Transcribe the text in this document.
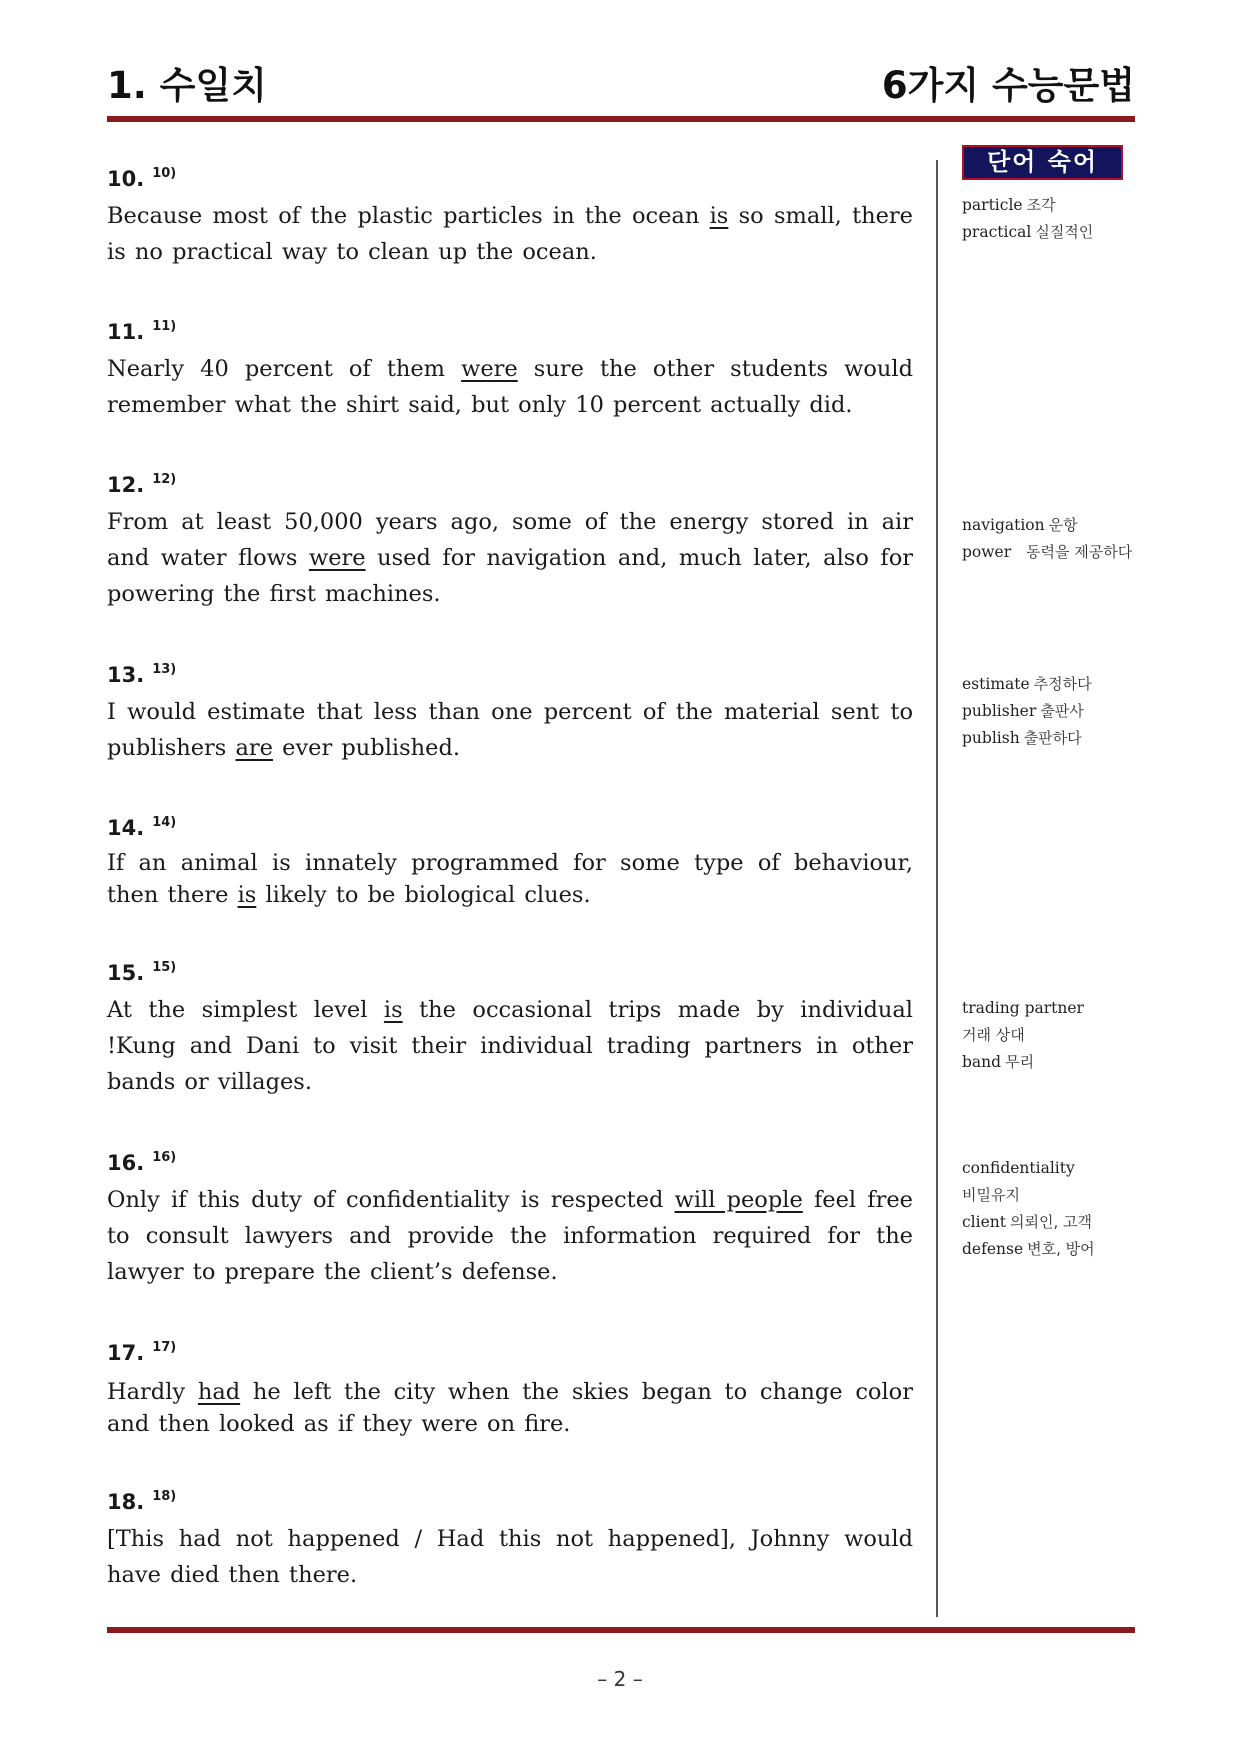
1. 수일치	6가지 수능문법
10. $^{10)}$
Because most of the plastic particles in the ocean is so small, there is no practical way to clean up the ocean.
11. $^{11)}$
Nearly 40 percent of them were sure the other students would remember what the shirt said, but only 10 percent actually did.
12. $^{12)}$
From at least 50,000 years ago, some of the energy stored in air and water flows were used for navigation and, much later, also for powering the first machines.
13. $^{13)}$
I would estimate that less than one percent of the material sent to publishers are ever published.
14. $^{14)}$
If an animal is innately programmed for some type of behaviour, then there is likely to be biological clues.
15. $^{15)}$
At the simplest level is the occasional trips made by individual !Kung and Dani to visit their individual trading partners in other bands or villages.
16. $^{16)}$
Only if this duty of confidentiality is respected will people feel free to consult lawyers and provide the information required for the lawyer to prepare the client’s defense.
17. $^{17)}$
Hardly had he left the city when the skies began to change color and then looked as if they were on fire.
18. $^{18)}$
[This had not happened / Had this not happened], Johnny would have died then there.
단어 숙어
particle 조각
practical 실질적인
navigation 운항
power 동력을 제공하다
estimate 추정하다
publisher 출판사
publish 출판하다
trading partner
거래 상대
band 무리
confidentiality
비밀유지
client 의뢰인, 고객
defense 변호, 방어
– 2 –
